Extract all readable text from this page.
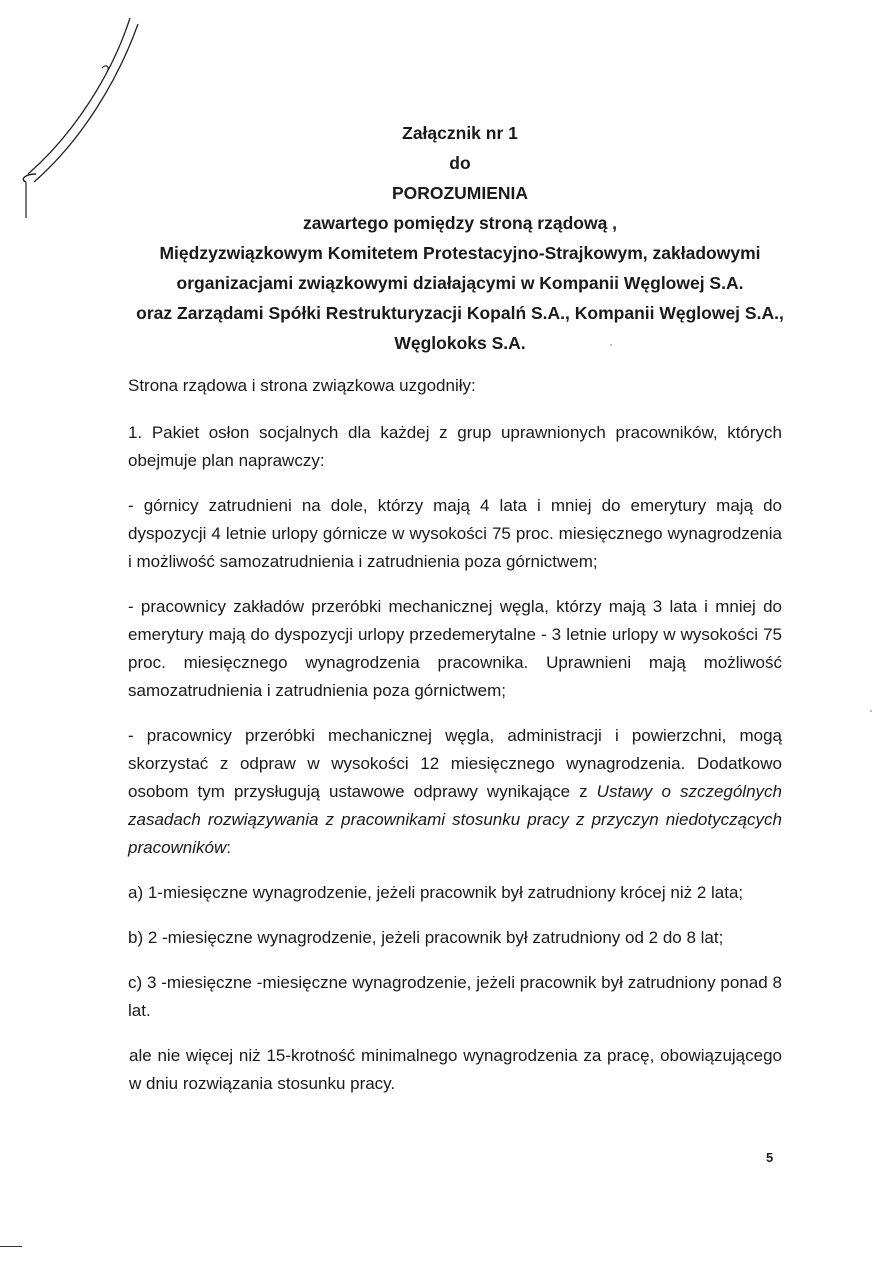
Załącznik nr 1
do
POROZUMIENIA
zawartego pomiędzy stroną rządową ,
Międzyzwiązkowym Komitetem Protestacyjno-Strajkowym, zakładowymi
organizacjami związkowymi działającymi w Kompanii Węglowej S.A.
oraz Zarządami Spółki Restrukturyzacji Kopalń S.A., Kompanii Węglowej S.A.,
Węglokoks S.A.

Strona rządowa i strona związkowa uzgodniły:

1. Pakiet osłon socjalnych dla każdej z grup uprawnionych pracowników, których obejmuje plan naprawczy:

- górnicy zatrudnieni na dole, którzy mają 4 lata i mniej do emerytury mają do dyspozycji 4 letnie urlopy górnicze w wysokości 75 proc. miesięcznego wynagrodzenia i możliwość samozatrudnienia i zatrudnienia poza górnictwem;

- pracownicy zakładów przeróbki mechanicznej węgla, którzy mają 3 lata i mniej do emerytury mają do dyspozycji urlopy przedemerytalne - 3 letnie urlopy w wysokości 75 proc. miesięcznego wynagrodzenia pracownika. Uprawnieni mają możliwość samozatrudnienia i zatrudnienia poza górnictwem;

- pracownicy przeróbki mechanicznej węgla, administracji i powierzchni, mogą skorzystać z odpraw w wysokości 12 miesięcznego wynagrodzenia. Dodatkowo osobom tym przysługują ustawowe odprawy wynikające z Ustawy o szczególnych zasadach rozwiązywania z pracownikami stosunku pracy z przyczyn niedotyczących pracowników:

a) 1-miesięczne wynagrodzenie, jeżeli pracownik był zatrudniony krócej niż 2 lata;

b) 2 -miesięczne wynagrodzenie, jeżeli pracownik był zatrudniony od 2 do 8 lat;

c) 3 -miesięczne -miesięczne wynagrodzenie, jeżeli pracownik był zatrudniony ponad 8 lat.

ale nie więcej niż 15-krotność minimalnego wynagrodzenia za pracę, obowiązującego w dniu rozwiązania stosunku pracy.

5
